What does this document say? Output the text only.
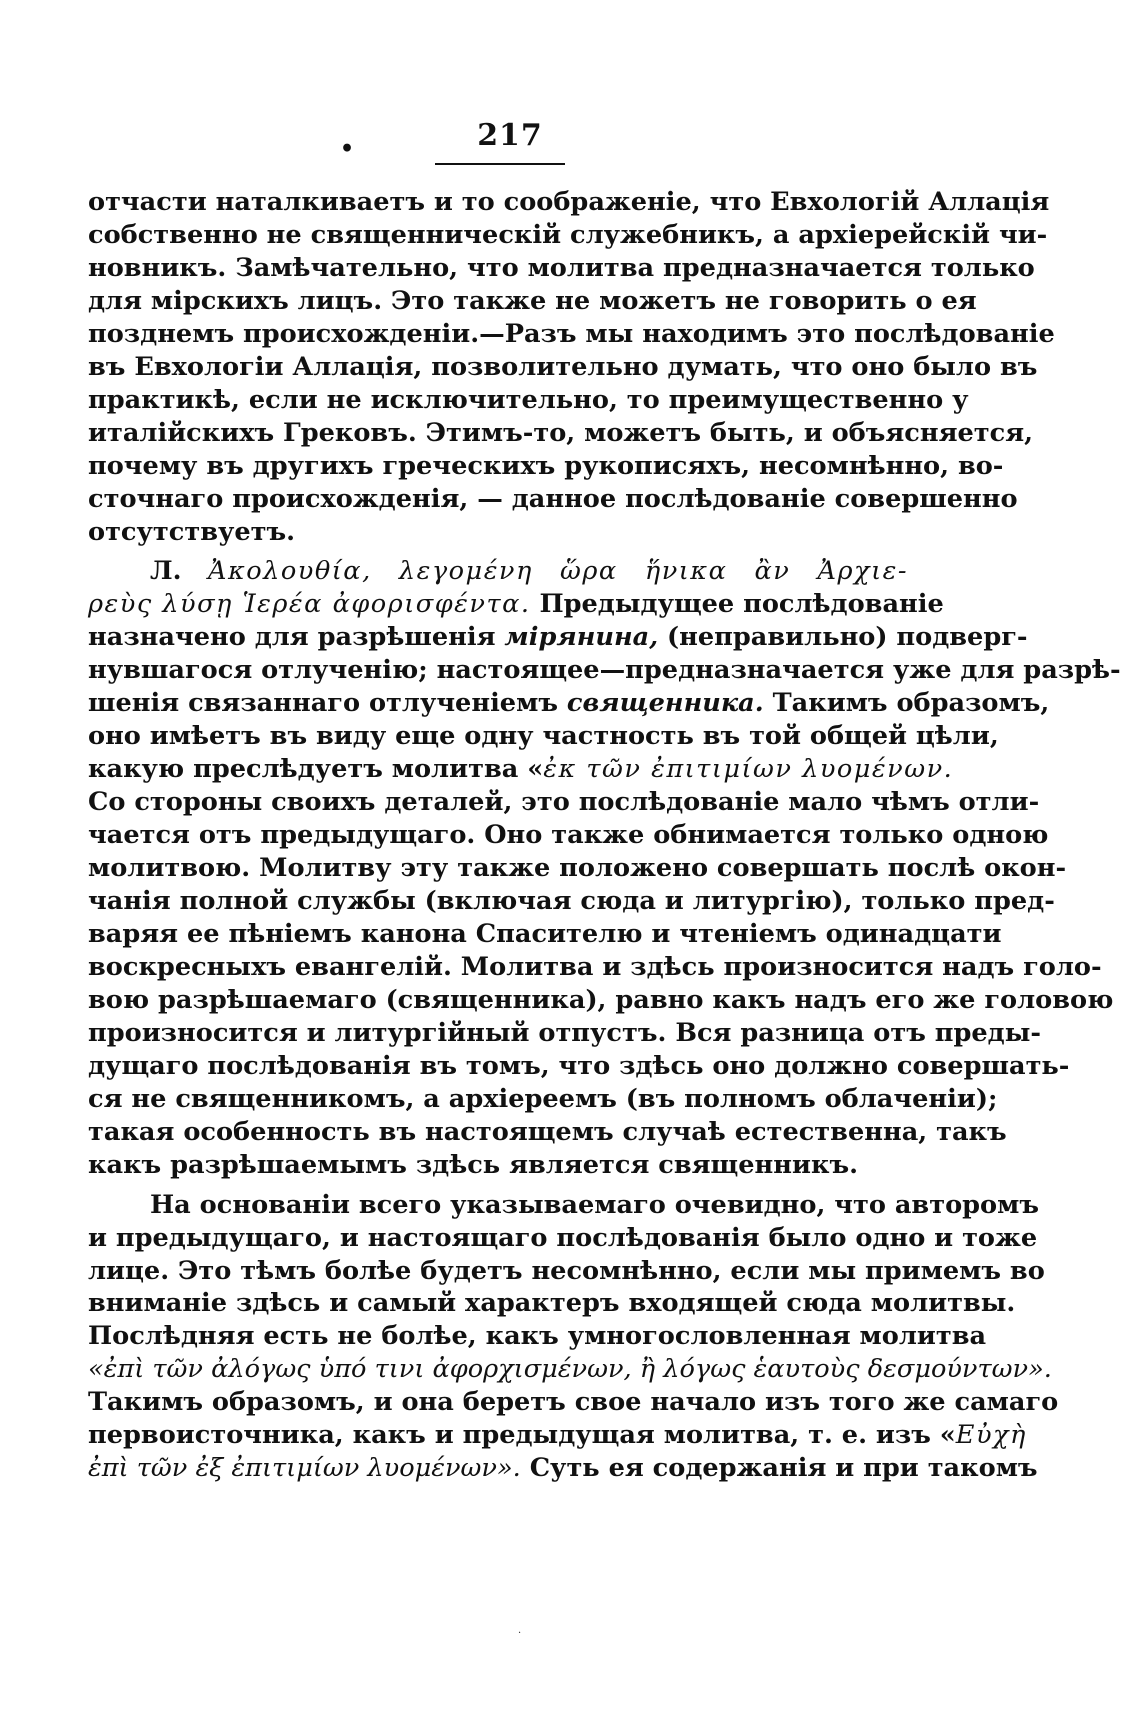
•	217
отчасти наталкиваетъ и то соображеніе, что Евхологій Аллація
собственно не священническій служебникъ, а архіерейскій чи-
новникъ. Замѣчательно, что молитва предназначается только
для мірскихъ лицъ. Это также не можетъ не говорить о ея
позднемъ происхожденіи.—Разъ мы находимъ это послѣдованіе
въ Евхологіи Аллація, позволительно думать, что оно было въ
практикѣ, если не исключительно, то преимущественно у
италійскихъ Грековъ. Этимъ-то, можетъ быть, и объясняется,
почему въ другихъ греческихъ рукописяхъ, несомнѣнно, во-
сточнаго происхожденія, — данное послѣдованіе совершенно
отсутствуетъ.
Л. Ἀκολουθία, λεγομένη ὥρα ἥνικα ἂν Ἀρχιε-
ρεὺς λύσῃ Ἱερέα ἀφορισφέντα. Предыдущее послѣдованіе
назначено для разрѣшенія мірянина, (неправильно) подверг-
нувшагося отлученію; настоящее—предназначается уже для разрѣ-
шенія связаннаго отлученіемъ священника. Такимъ образомъ,
оно имѣетъ въ виду еще одну частность въ той общей цѣли,
какую преслѣдуетъ молитва «ἐκ τῶν ἐπιτιμίων λυομένων.
Со стороны своихъ деталей, это послѣдованіе мало чѣмъ отли-
чается отъ предыдущаго. Оно также обнимается только одною
молитвою. Молитву эту также положено совершать послѣ окон-
чанія полной службы (включая сюда и литургію), только пред-
варяя ее пѣніемъ канона Спасителю и чтеніемъ одинадцати
воскресныхъ евангелій. Молитва и здѣсь произносится надъ голо-
вою разрѣшаемаго (священника), равно какъ надъ его же головою
произносится и литургійный отпустъ. Вся разница отъ преды-
дущаго послѣдованія въ томъ, что здѣсь оно должно совершать-
ся не священникомъ, а архіереемъ (въ полномъ облаченіи);
такая особенность въ настоящемъ случаѣ естественна, такъ
какъ разрѣшаемымъ здѣсь является священникъ.
На основаніи всего указываемаго очевидно, что авторомъ
и предыдущаго, и настоящаго послѣдованія было одно и тоже
лице. Это тѣмъ болѣе будетъ несомнѣнно, если мы примемъ во
вниманіе здѣсь и самый характеръ входящей сюда молитвы.
Послѣдняя есть не болѣе, какъ умногословленная молитва
«ἐπὶ τῶν ἀλόγως ὑπό τινι ἀφορχισμένων, ἢ λόγως ἑαυτοὺς δεσμούντων».
Такимъ образомъ, и она беретъ свое начало изъ того же самаго
первоисточника, какъ и предыдущая молитва, т. е. изъ «Εὐχὴ
ἐπὶ τῶν ἐξ ἐπιτιμίων λυομένων». Суть ея содержанія и при такомъ
·
